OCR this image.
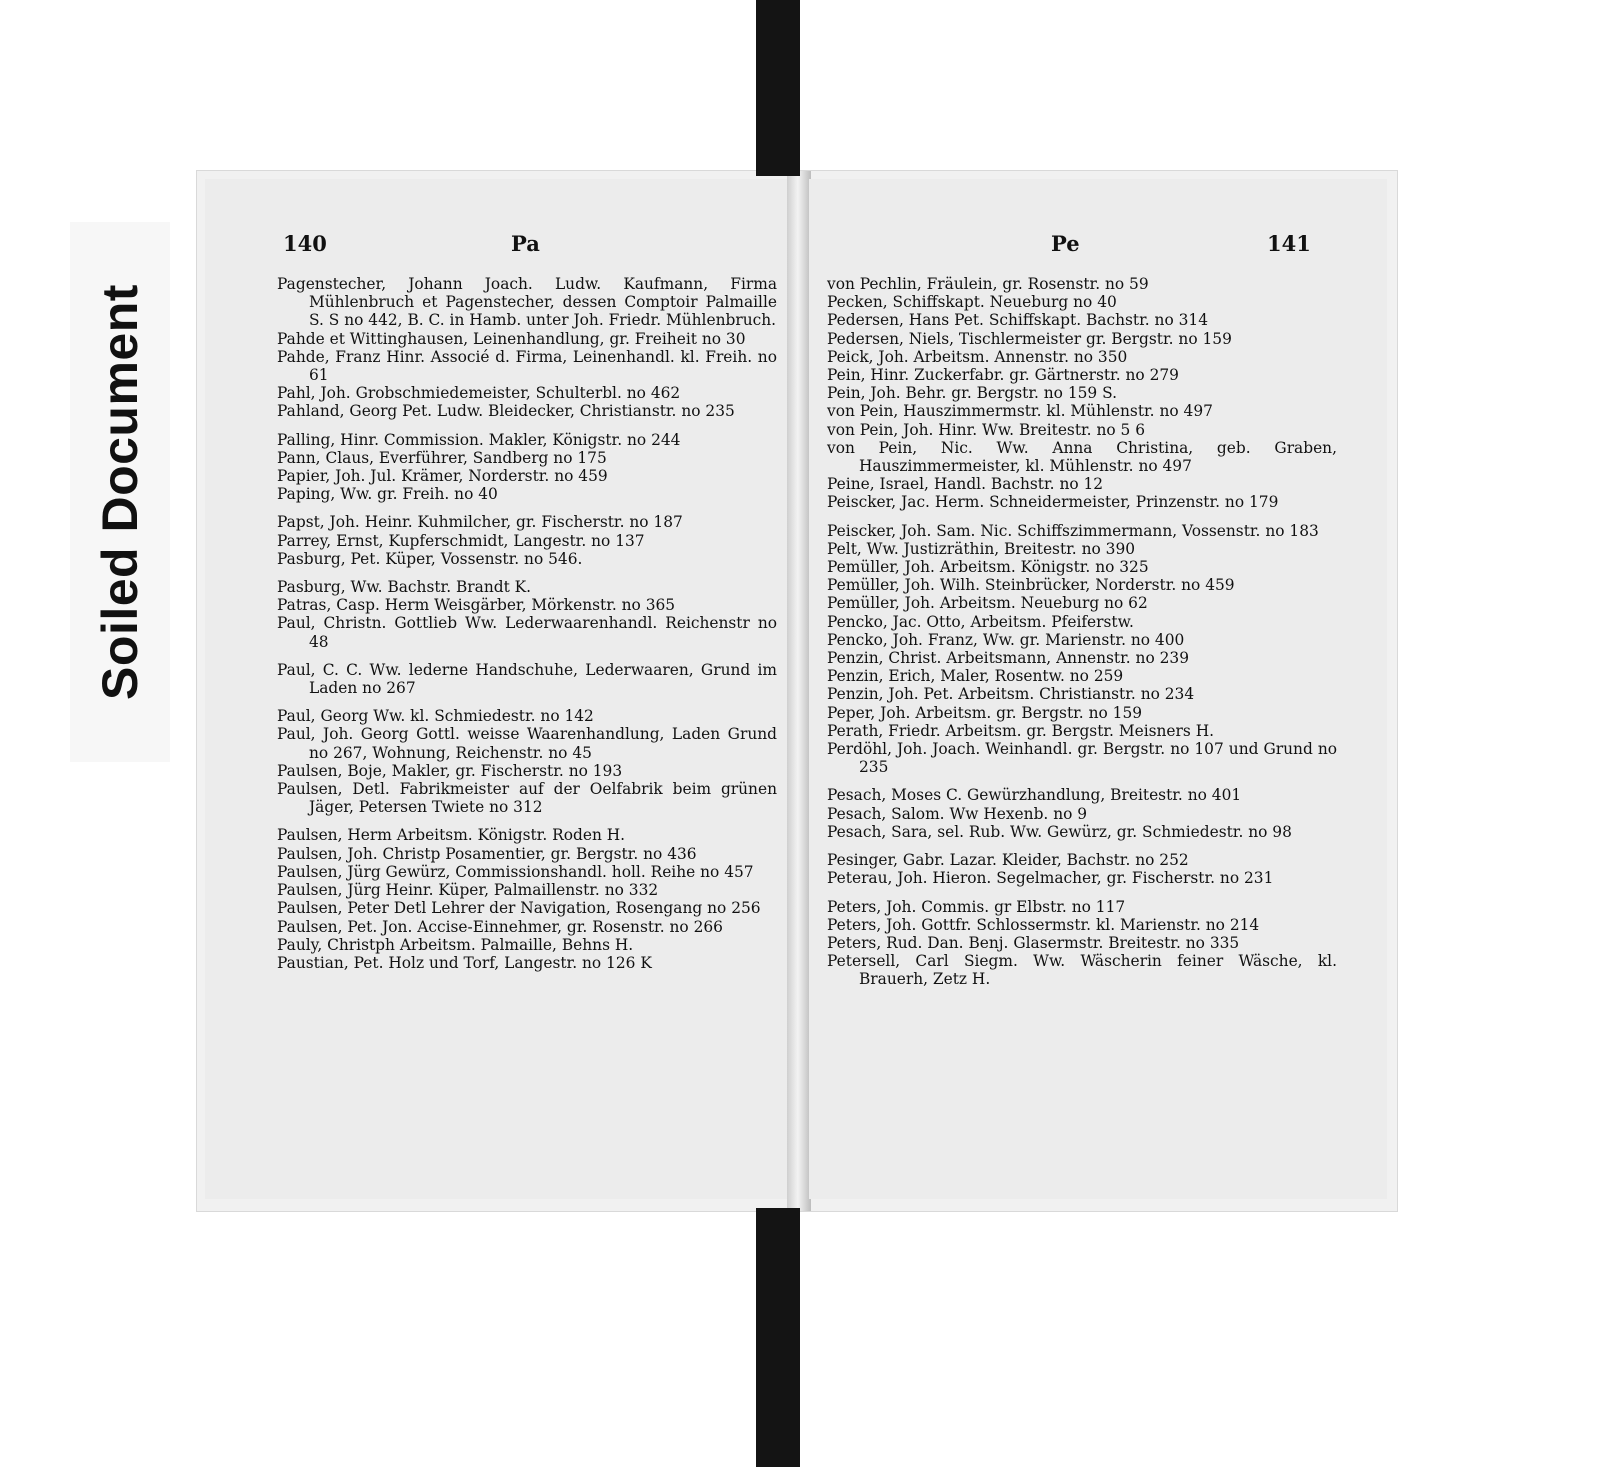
Soiled Document
140	Pa

Pagenstecher, Johann Joach. Ludw. Kaufmann, Firma Mühlenbruch et Pagenstecher, dessen Comptoir Palmaille S. S no 442, B. C. in Hamb. unter Joh. Friedr. Mühlenbruch.

Pahde et Wittinghausen, Leinenhandlung, gr. Freiheit no 30

Pahde, Franz Hinr. Associé d. Firma, Leinenhandl. kl. Freih. no 61

Pahl, Joh. Grobschmiedemeister, Schulterbl. no 462

Pahland, Georg Pet. Ludw. Bleidecker, Christianstr. no 235

Palling, Hinr. Commission. Makler, Königstr. no 244

Pann, Claus, Everführer, Sandberg no 175

Papier, Joh. Jul. Krämer, Norderstr. no 459

Paping, Ww. gr. Freih. no 40

Papst, Joh. Heinr. Kuhmilcher, gr. Fischerstr. no 187

Parrey, Ernst, Kupferschmidt, Langestr. no 137

Pasburg, Pet. Küper, Vossenstr. no 546.

Pasburg, Ww. Bachstr. Brandt K.

Patras, Casp. Herm Weisgärber, Mörkenstr. no 365

Paul, Christn. Gottlieb Ww. Lederwaarenhandl. Reichenstr no 48

Paul, C. C. Ww. lederne Handschuhe, Lederwaaren, Grund im Laden no 267

Paul, Georg Ww. kl. Schmiedestr. no 142

Paul, Joh. Georg Gottl. weisse Waarenhandlung, Laden Grund no 267, Wohnung, Reichenstr. no 45

Paulsen, Boje, Makler, gr. Fischerstr. no 193

Paulsen, Detl. Fabrikmeister auf der Oelfabrik beim grünen Jäger, Petersen Twiete no 312

Paulsen, Herm Arbeitsm. Königstr. Roden H.

Paulsen, Joh. Christp Posamentier, gr. Bergstr. no 436

Paulsen, Jürg Gewürz, Commissionshandl. holl. Reihe no 457

Paulsen, Jürg Heinr. Küper, Palmaillenstr. no 332

Paulsen, Peter Detl Lehrer der Navigation, Rosengang no 256

Paulsen, Pet. Jon. Accise-Einnehmer, gr. Rosenstr. no 266

Pauly, Christph Arbeitsm. Palmaille, Behns H.

Paustian, Pet. Holz und Torf, Langestr. no 126 K

Pe	141

von Pechlin, Fräulein, gr. Rosenstr. no 59

Pecken, Schiffskapt. Neueburg no 40

Pedersen, Hans Pet. Schiffskapt. Bachstr. no 314

Pedersen, Niels, Tischlermeister gr. Bergstr. no 159

Peick, Joh. Arbeitsm. Annenstr. no 350

Pein, Hinr. Zuckerfabr. gr. Gärtnerstr. no 279

Pein, Joh. Behr. gr. Bergstr. no 159 S.

von Pein, Hauszimmermstr. kl. Mühlenstr. no 497

von Pein, Joh. Hinr. Ww. Breitestr. no 5 6

von Pein, Nic. Ww. Anna Christina, geb. Graben, Hauszimmermeister, kl. Mühlenstr. no 497

Peine, Israel, Handl. Bachstr. no 12

Peiscker, Jac. Herm. Schneidermeister, Prinzenstr. no 179

Peiscker, Joh. Sam. Nic. Schiffszimmermann, Vossenstr. no 183

Pelt, Ww. Justizräthin, Breitestr. no 390

Pemüller, Joh. Arbeitsm. Königstr. no 325

Pemüller, Joh. Wilh. Steinbrücker, Norderstr. no 459

Pemüller, Joh. Arbeitsm. Neueburg no 62

Pencko, Jac. Otto, Arbeitsm. Pfeiferstw.

Pencko, Joh. Franz, Ww. gr. Marienstr. no 400

Penzin, Christ. Arbeitsmann, Annenstr. no 239

Penzin, Erich, Maler, Rosentw. no 259

Penzin, Joh. Pet. Arbeitsm. Christianstr. no 234

Peper, Joh. Arbeitsm. gr. Bergstr. no 159

Perath, Friedr. Arbeitsm. gr. Bergstr. Meisners H.

Perdöhl, Joh. Joach. Weinhandl. gr. Bergstr. no 107 und Grund no 235

Pesach, Moses C. Gewürzhandlung, Breitestr. no 401

Pesach, Salom. Ww Hexenb. no 9

Pesach, Sara, sel. Rub. Ww. Gewürz, gr. Schmiedestr. no 98

Pesinger, Gabr. Lazar. Kleider, Bachstr. no 252

Peterau, Joh. Hieron. Segelmacher, gr. Fischerstr. no 231

Peters, Joh. Commis. gr Elbstr. no 117

Peters, Joh. Gottfr. Schlossermstr. kl. Marienstr. no 214

Peters, Rud. Dan. Benj. Glasermstr. Breitestr. no 335

Petersell, Carl Siegm. Ww. Wäscherin feiner Wäsche, kl. Brauerh, Zetz H.
